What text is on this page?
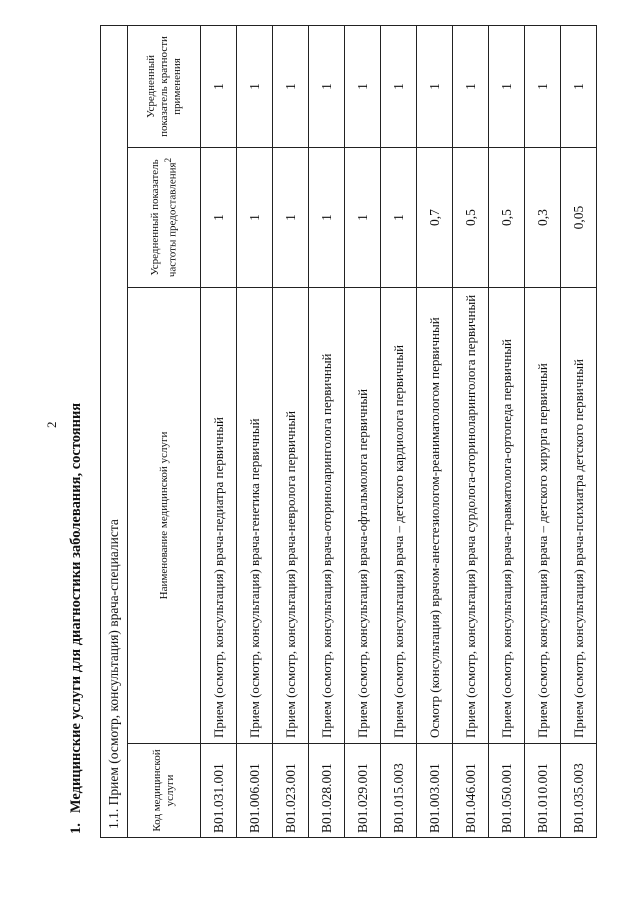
2
1.Медицинские услуги для диагностики заболевания, состояния	1.1. Прием (осмотр, консультация) врача-специалиста			
Код медицинской услуги	Наименование медицинской услуги	Усредненный показатель частоты предоставления$^2$	Усредненный показатель кратности применения
B01.031.001	Прием (осмотр, консультация) врача-педиатра первичный	1	1
B01.006.001	Прием (осмотр, консультация) врача-генетика первичный	1	1
B01.023.001	Прием (осмотр, консультация) врача-невролога первичный	1	1
B01.028.001	Прием (осмотр, консультация) врача-оториноларинголога первичный	1	1
B01.029.001	Прием (осмотр, консультация) врача-офтальмолога первичный	1	1
B01.015.003	Прием (осмотр, консультация) врача – детского кардиолога первичный	1	1
B01.003.001	Осмотр (консультация) врачом-анестезиологом-реаниматологом первичный	0,7	1
B01.046.001	Прием (осмотр, консультация) врача сурдолога-оториноларинголога первичный	0,5	1
B01.050.001	Прием (осмотр, консультация) врача-травматолога-ортопеда первичный	0,5	1
B01.010.001	Прием (осмотр, консультация) врача – детского хирурга первичный	0,3	1
B01.035.003	Прием (осмотр, консультация) врача-психиатра детского первичный	0,05	1
